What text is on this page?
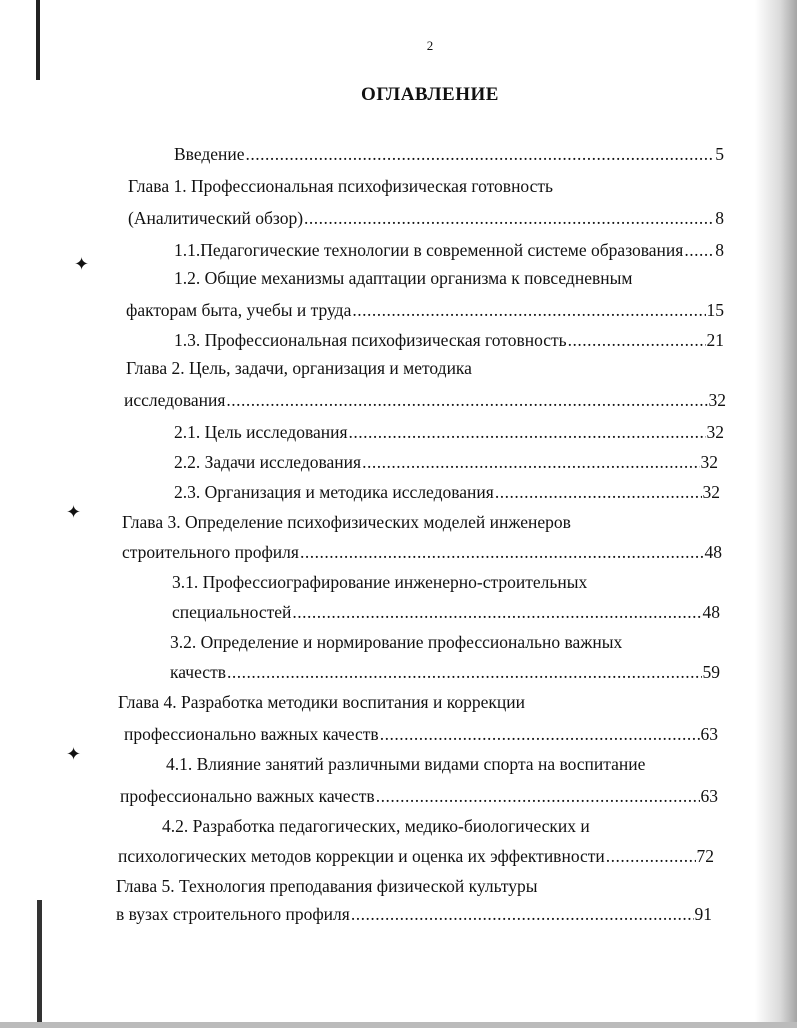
✦
✦
✦
2
ОГЛАВЛЕНИЕ
Введение .....	5
Глава 1. Профессиональная психофизическая готовность
(Аналитический обзор) .....	8
1.1.Педагогические технологии в современной системе образования ..... 8
1.2. Общие механизмы адаптации организма к повседневным
факторам быта, учебы и труда .....	15
1.3. Профессиональная психофизическая готовность .....	21
Глава 2. Цель, задачи, организация и методика
исследования .....	32
2.1. Цель исследования .....	32
2.2. Задачи исследования .....	32
2.3. Организация и методика исследования .....	32
Глава 3. Определение психофизических моделей инженеров
строительного профиля .....	48
3.1. Профессиографирование инженерно-строительных
специальностей .....	48
3.2. Определение и нормирование профессионально важных
качеств .....	59
Глава 4. Разработка методики воспитания и коррекции
профессионально важных качеств .....	63
4.1. Влияние занятий различными видами спорта на воспитание
профессионально важных качеств .....	63
4.2. Разработка педагогических, медико-биологических и
психологических методов коррекции и оценка их эффективности .....	72
Глава 5. Технология преподавания физической культуры
в вузах строительного профиля .....	91
